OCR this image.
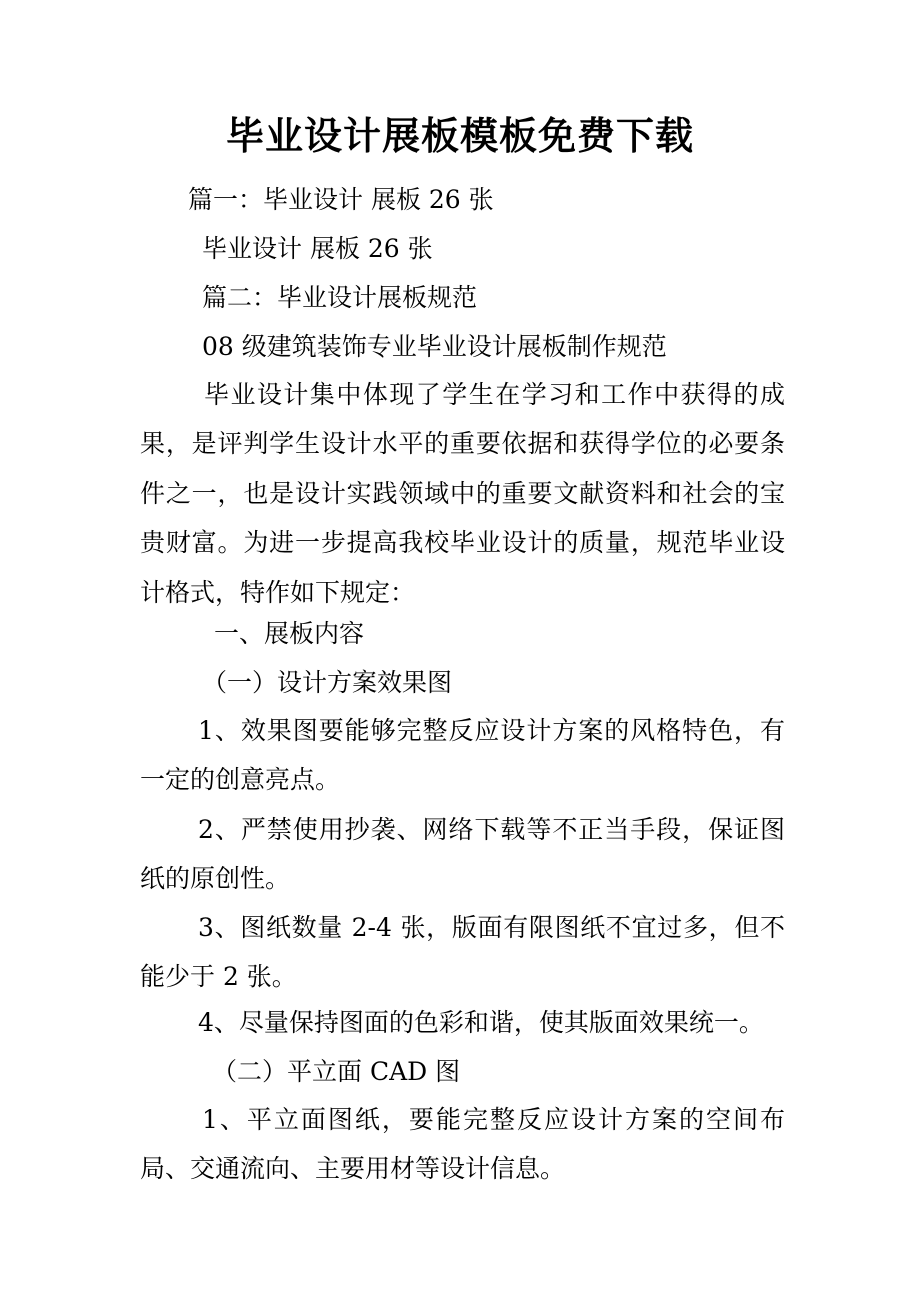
毕业设计展板模板免费下载
篇一：毕业设计 展板 26 张
毕业设计 展板 26 张
篇二：毕业设计展板规范
08 级建筑装饰专业毕业设计展板制作规范
毕业设计集中体现了学生在学习和工作中获得的成果，是评判学生设计水平的重要依据和获得学位的必要条件之一，也是设计实践领域中的重要文献资料和社会的宝贵财富。为进一步提高我校毕业设计的质量，规范毕业设计格式，特作如下规定：
一、展板内容
（一）设计方案效果图
1、效果图要能够完整反应设计方案的风格特色，有一定的创意亮点。
2、严禁使用抄袭、网络下载等不正当手段，保证图纸的原创性。
3、图纸数量 2-4 张，版面有限图纸不宜过多，但不能少于 2 张。
4、尽量保持图面的色彩和谐，使其版面效果统一。
（二）平立面 CAD 图
1、平立面图纸，要能完整反应设计方案的空间布局、交通流向、主要用材等设计信息。
